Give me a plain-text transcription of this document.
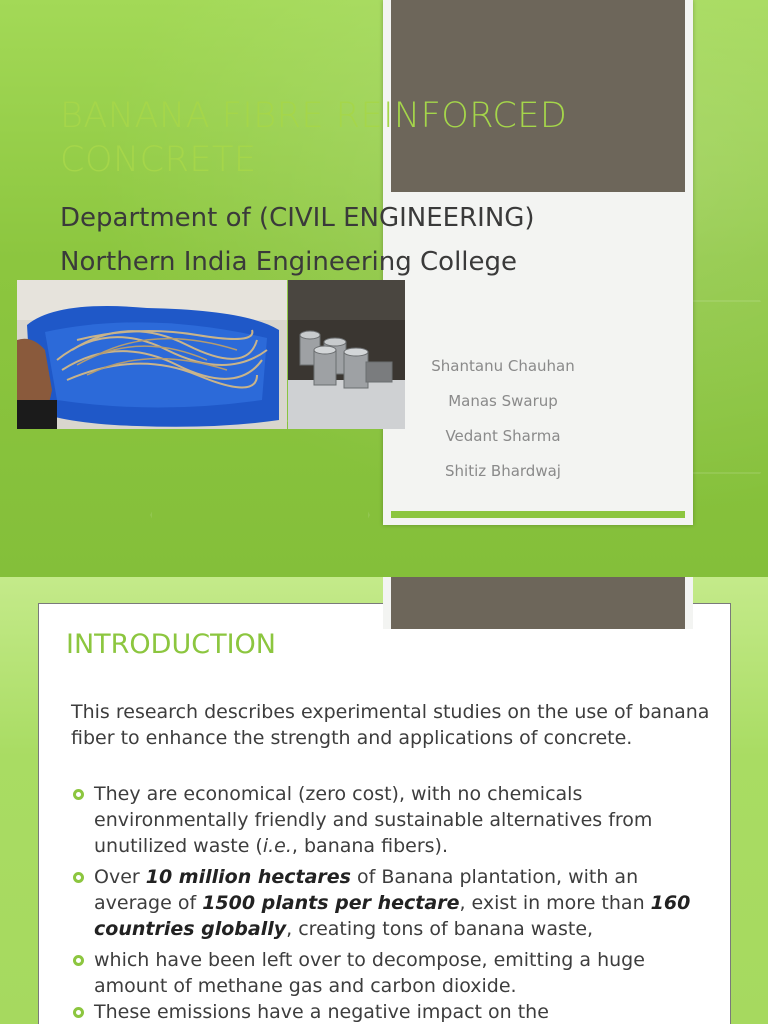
BANANA FIBRE REINFORCED
CONCRETE
Department of (CIVIL ENGINEERING)
Northern India Engineering College
Shantanu Chauhan
Manas Swarup
Vedant Sharma
Shitiz Bhardwaj
INTRODUCTION

This research describes experimental studies on the use of banana fiber to enhance the strength and applications of concrete.

They are economical (zero cost), with no chemicals environmentally friendly and sustainable alternatives from unutilized waste (i.e., banana fibers).
Over 10 million hectares of Banana plantation, with an average of 1500 plants per hectare, exist in more than 160 countries globally, creating tons of banana waste,
which have been left over to decompose, emitting a huge amount of methane gas and carbon dioxide.
These emissions have a negative impact on the
